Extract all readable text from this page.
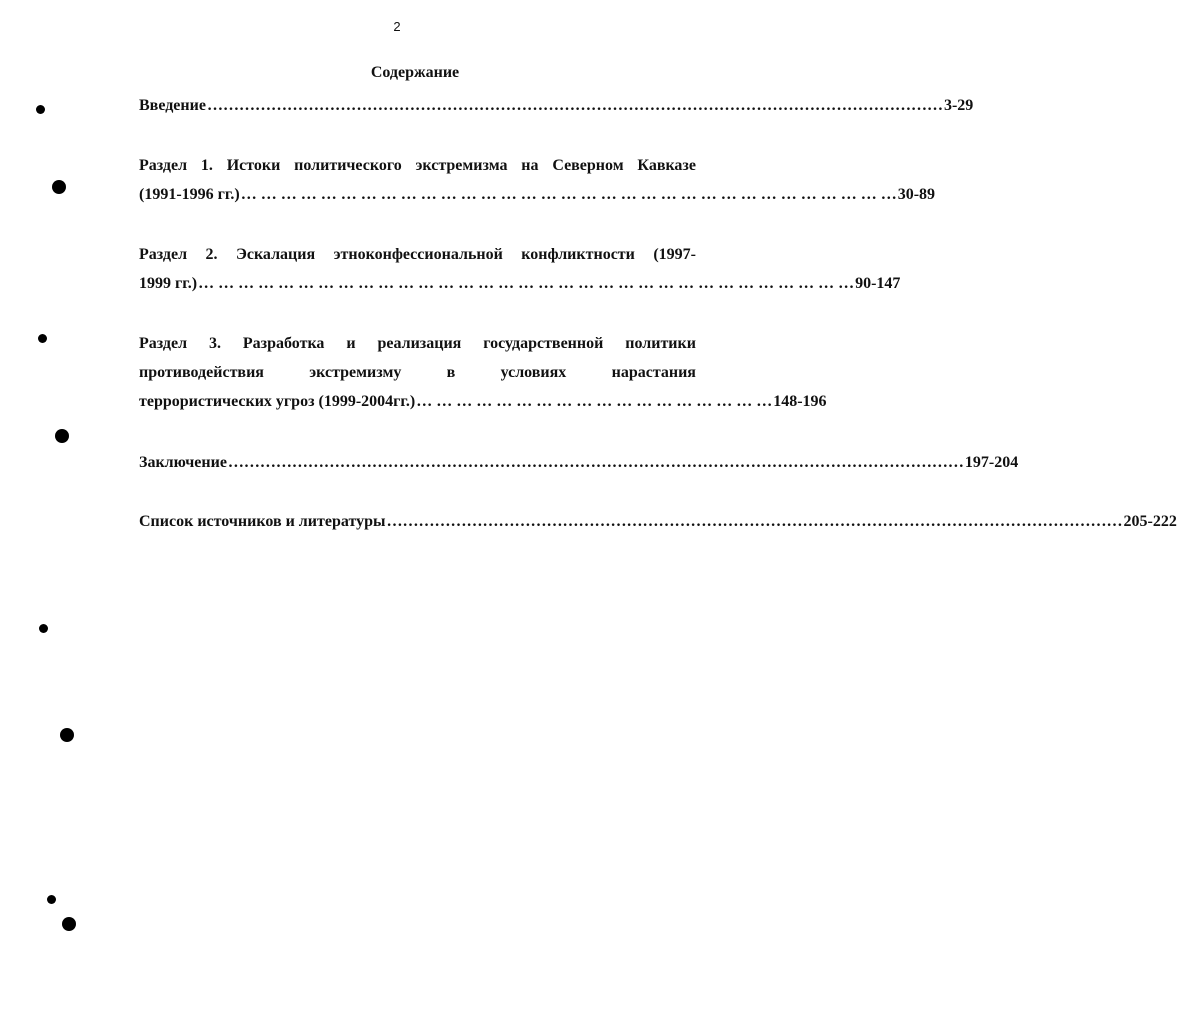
2
Содержание
Введение ………………………………………………………………………………………………………………………… 3-29
Раздел 1. Истоки политического экстремизма на Северном Кавказе
(1991-1996 гг.) … … … … … … … … … … … … … … … … … … … … … … … … … … … … … … … … … 30-89
Раздел 2. Эскалация этноконфессиональной конфликтности (1997-
1999 гг.) … … … … … … … … … … … … … … … … … … … … … … … … … … … … … … … … … 90-147
Раздел 3. Разработка и реализация государственной политики
противодействия	экстремизму	в	условиях	нарастания
террористических угроз (1999-2004гг.) … … … … … … … … … … … … … … … … … … 148-196
Заключение ………………………………………………………………………………………………………………………… 197-204
Список источников и литературы ………………………………………………………………………………………………………………………… 205-222
